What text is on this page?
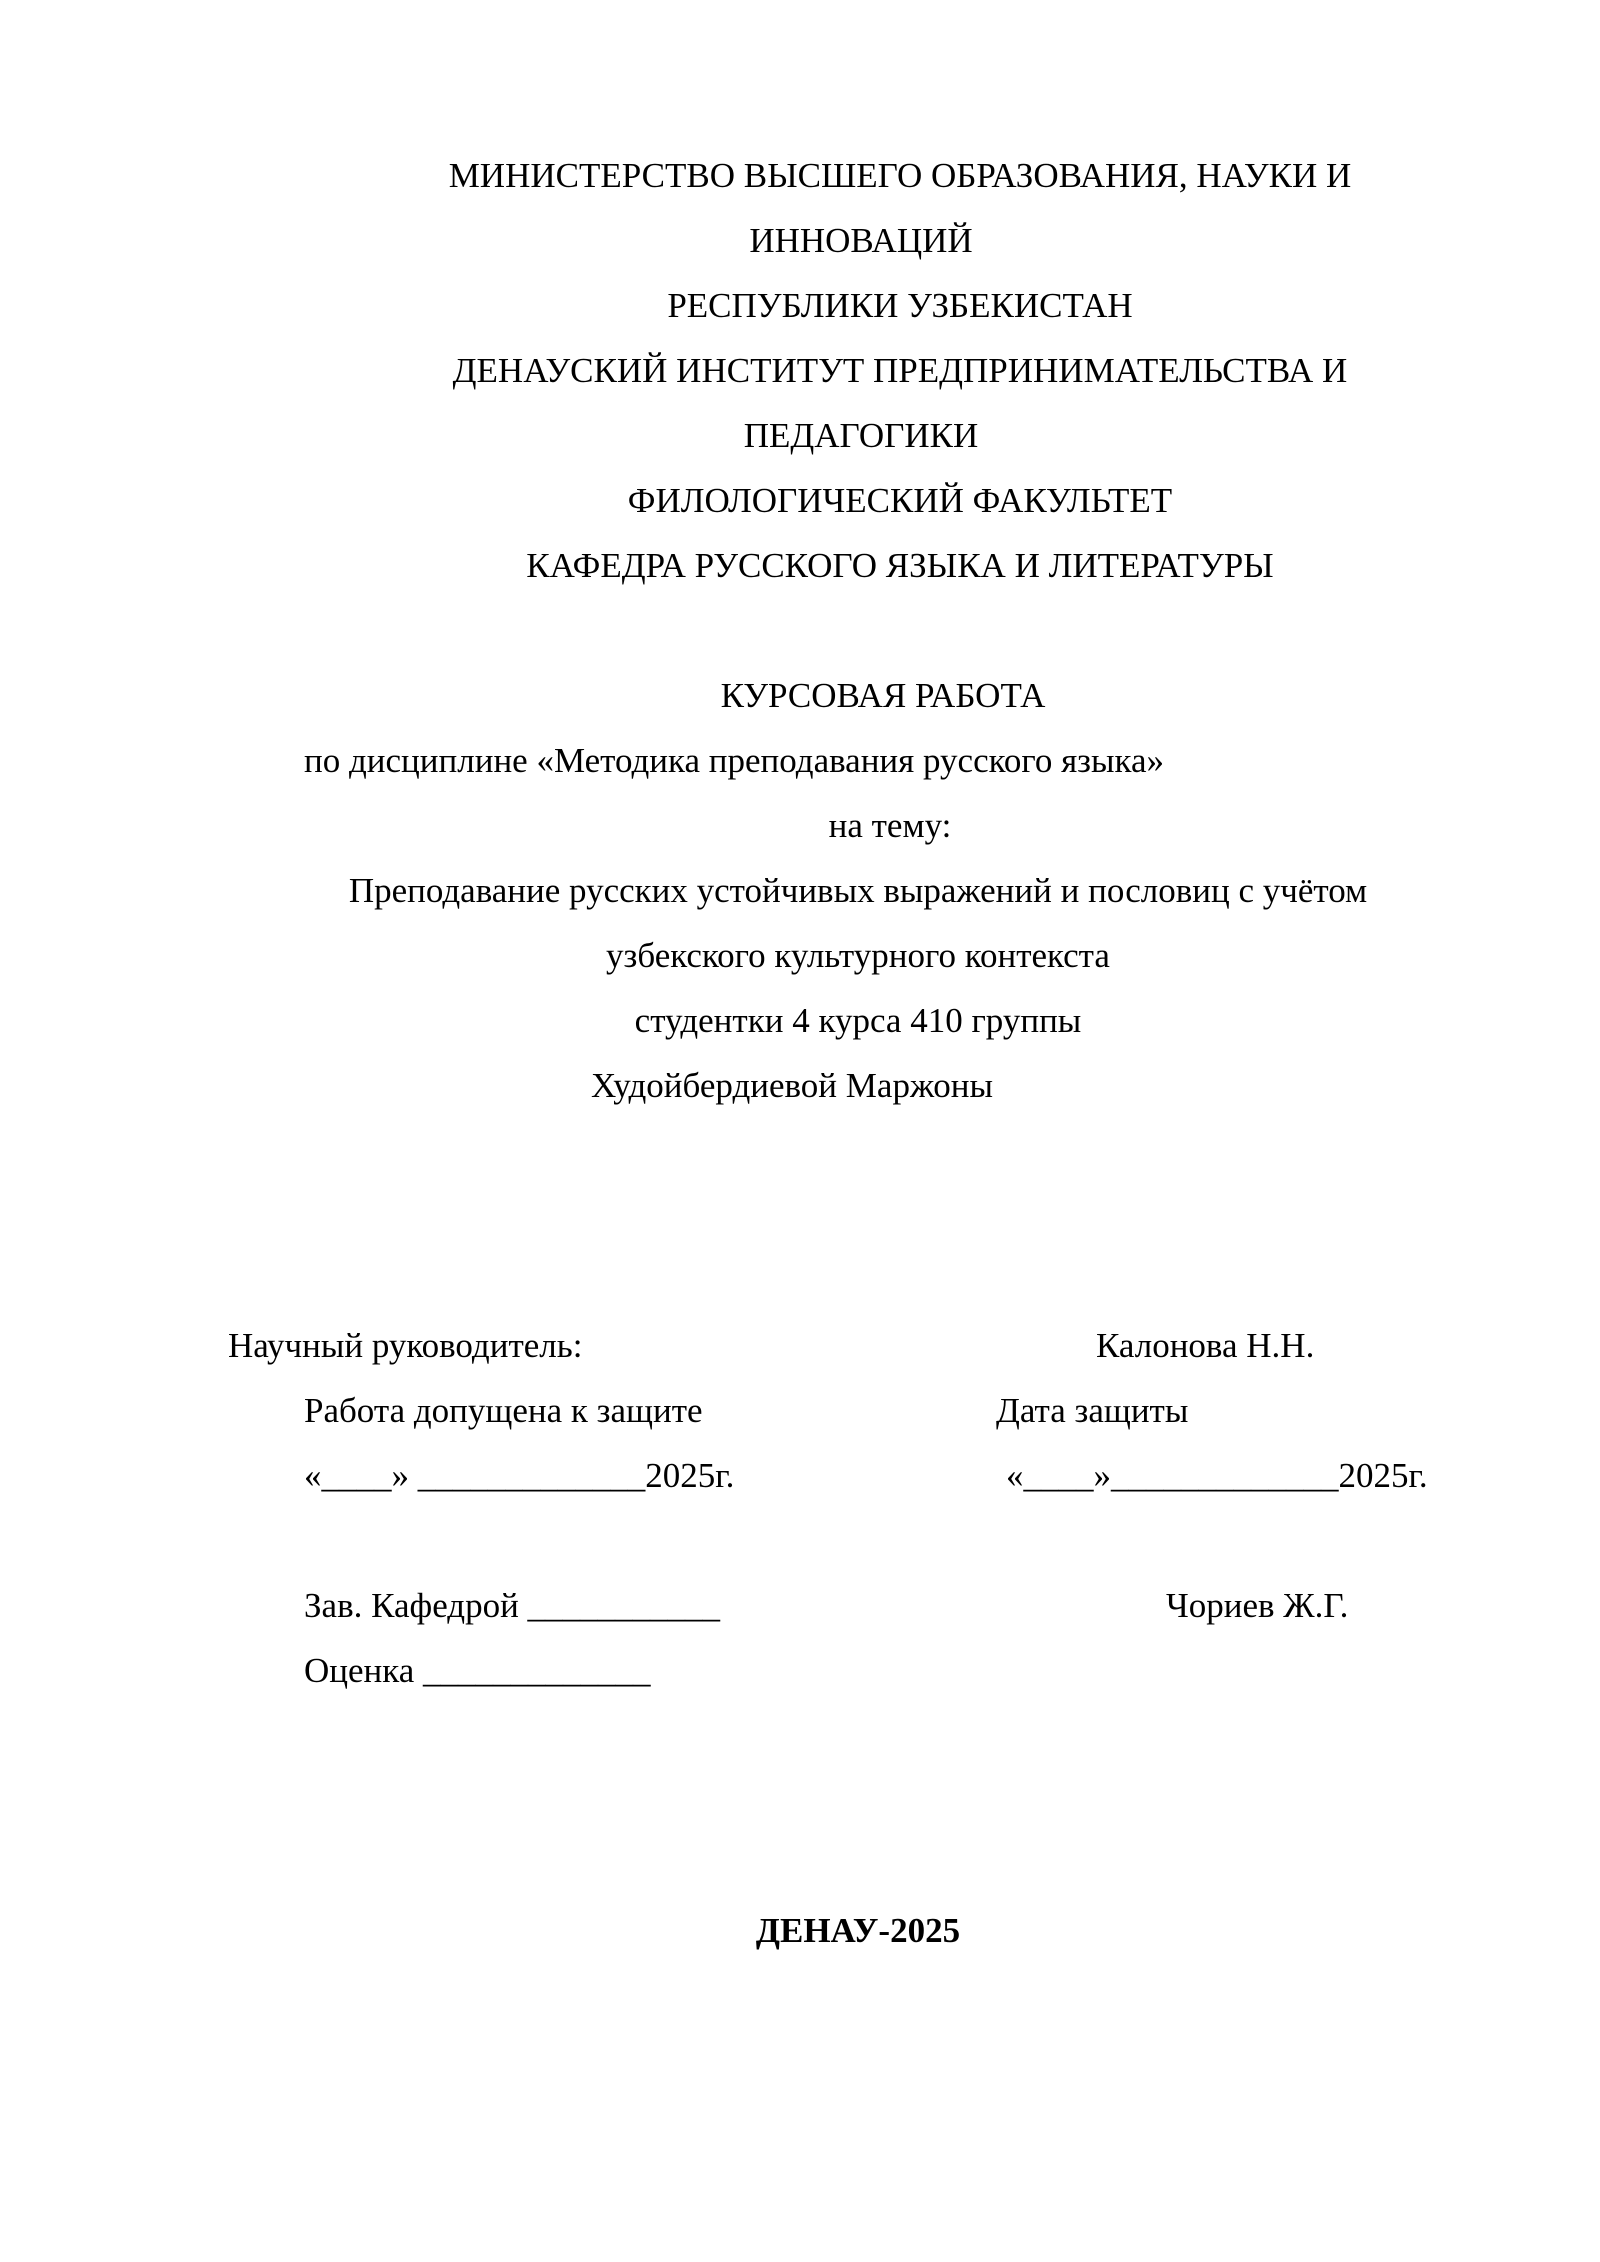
МИНИСТЕРСТВО ВЫСШЕГО ОБРАЗОВАНИЯ, НАУКИ И
ИННОВАЦИЙ
РЕСПУБЛИКИ УЗБЕКИСТАН
ДЕНАУСКИЙ ИНСТИТУТ ПРЕДПРИНИМАТЕЛЬСТВА И
ПЕДАГОГИКИ
ФИЛОЛОГИЧЕСКИЙ ФАКУЛЬТЕТ
КАФЕДРА РУССКОГО ЯЗЫКА И ЛИТЕРАТУРЫ
КУРСОВАЯ РАБОТА
по дисциплине «Методика преподавания русского языка»
на тему:
Преподавание русских устойчивых выражений и пословиц с учётом
узбекского культурного контекста
студентки 4 курса 410 группы
Худойбердиевой Маржоны
Научный руководитель:	Калонова Н.Н.
Работа допущена к защите	Дата защиты
«____» _____________2025г.	«____»_____________2025г.
Зав. Кафедрой ___________	Чориев Ж.Г.
Оценка _____________
ДЕНАУ-2025
